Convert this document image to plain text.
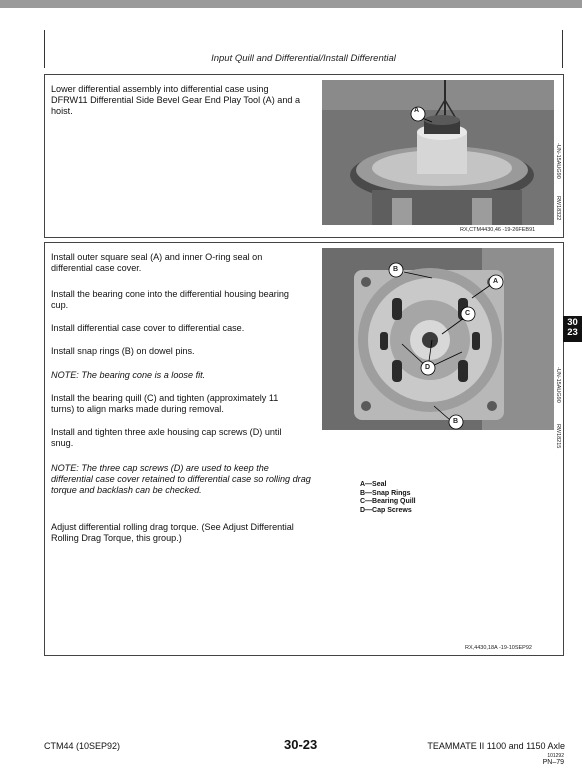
Input Quill and Differential/Install Differential

Lower differential assembly into differential case using DFRW11 Differential Side Bevel Gear End Play Tool (A) and a hoist.	A
-UN-15AUG90
RW18322
RX,CTM4430,46 -19-26FEB91

Install outer square seal (A) and inner O-ring seal on differential case cover.

Install the bearing cone into the differential housing bearing cup.

Install differential case cover to differential case.

Install snap rings (B) on dowel pins.

NOTE: The bearing cone is a loose fit.

Install the bearing quill (C) and tighten (approximately 11 turns) to align marks made during removal.

Install and tighten three axle housing cap screws (D) until snug.

NOTE: The three cap screws (D) are used to keep the differential case cover retained to differential case so rolling drag torque and backlash can be checked.

Adjust differential rolling drag torque. (See Adjust Differential Rolling Drag Torque, this group.)

B
A
C
D
B
-UN-15AUG90
RW18215
A—Seal
B—Snap Rings
C—Bearing Quill
D—Cap Screws
RX,4430,18A -19-10SEP92
30
23
CTM44 (10SEP92)	30-23	TEAMMATE II 1100 and 1150 Axle
101292
PN–79
